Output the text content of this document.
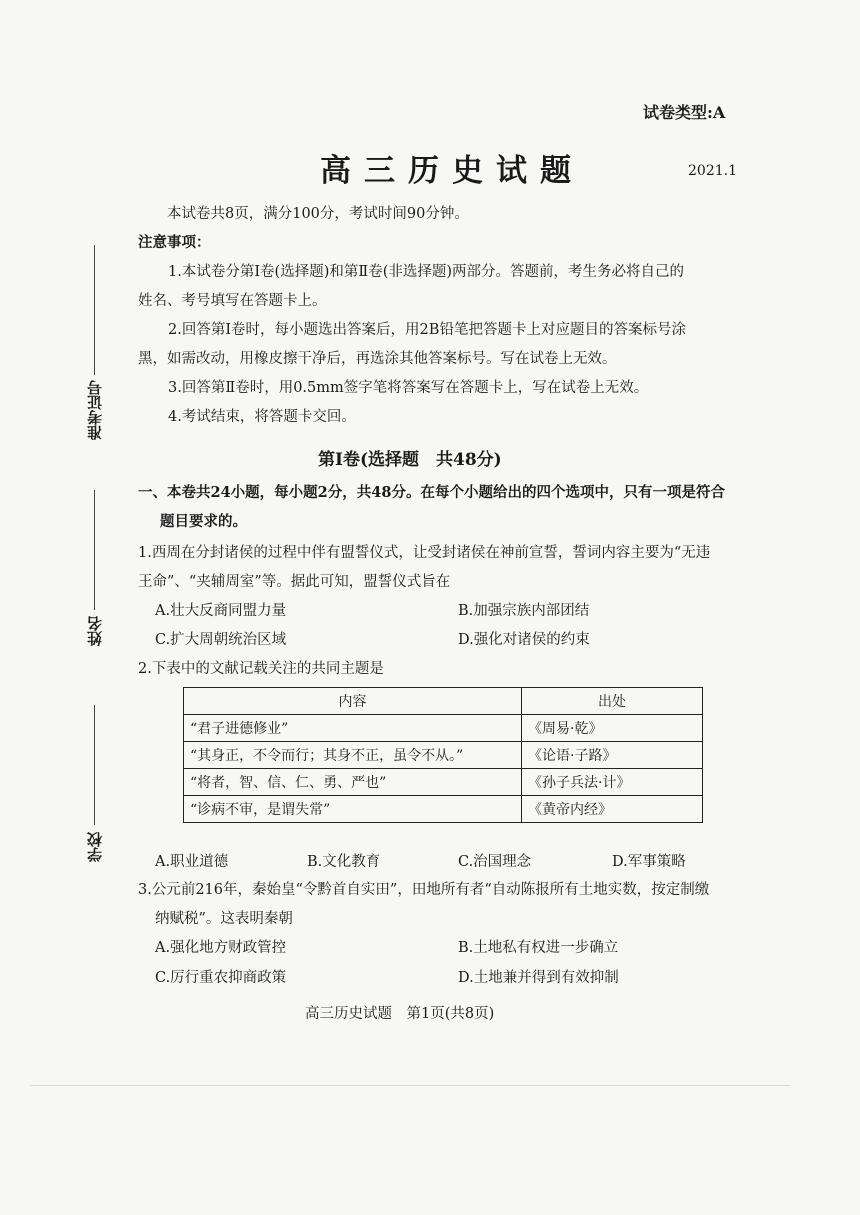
准考证号
姓名
学校
试卷类型:A
高三历史试题	2021.1
本试卷共8页，满分100分，考试时间90分钟。
注意事项：
1.本试卷分第Ⅰ卷(选择题)和第Ⅱ卷(非选择题)两部分。答题前，考生务必将自己的
姓名、考号填写在答题卡上。
2.回答第Ⅰ卷时，每小题选出答案后，用2B铅笔把答题卡上对应题目的答案标号涂
黑，如需改动，用橡皮擦干净后，再选涂其他答案标号。写在试卷上无效。
3.回答第Ⅱ卷时，用0.5mm签字笔将答案写在答题卡上，写在试卷上无效。
4.考试结束，将答题卡交回。
第Ⅰ卷(选择题　共48分)
一、本卷共24小题，每小题2分，共48分。在每个小题给出的四个选项中，只有一项是符合
题目要求的。
1.西周在分封诸侯的过程中伴有盟誓仪式，让受封诸侯在神前宣誓，誓词内容主要为“无违
王命”、“夹辅周室”等。据此可知，盟誓仪式旨在
A.壮大反商同盟力量	B.加强宗族内部团结
C.扩大周朝统治区域	D.强化对诸侯的约束
2.下表中的文献记载关注的共同主题是
内容	出处
“君子进德修业”	《周易·乾》
“其身正，不令而行；其身不正，虽令不从。”	《论语·子路》
“将者，智、信、仁、勇、严也”	《孙子兵法·计》
“诊病不审，是谓失常”	《黄帝内经》
A.职业道德	B.文化教育	C.治国理念	D.军事策略
3.公元前216年，秦始皇“令黔首自实田”，田地所有者“自动陈报所有土地实数，按定制缴
纳赋税”。这表明秦朝
A.强化地方财政管控	B.土地私有权进一步确立
C.厉行重农抑商政策	D.土地兼并得到有效抑制
高三历史试题　第1页(共8页)
